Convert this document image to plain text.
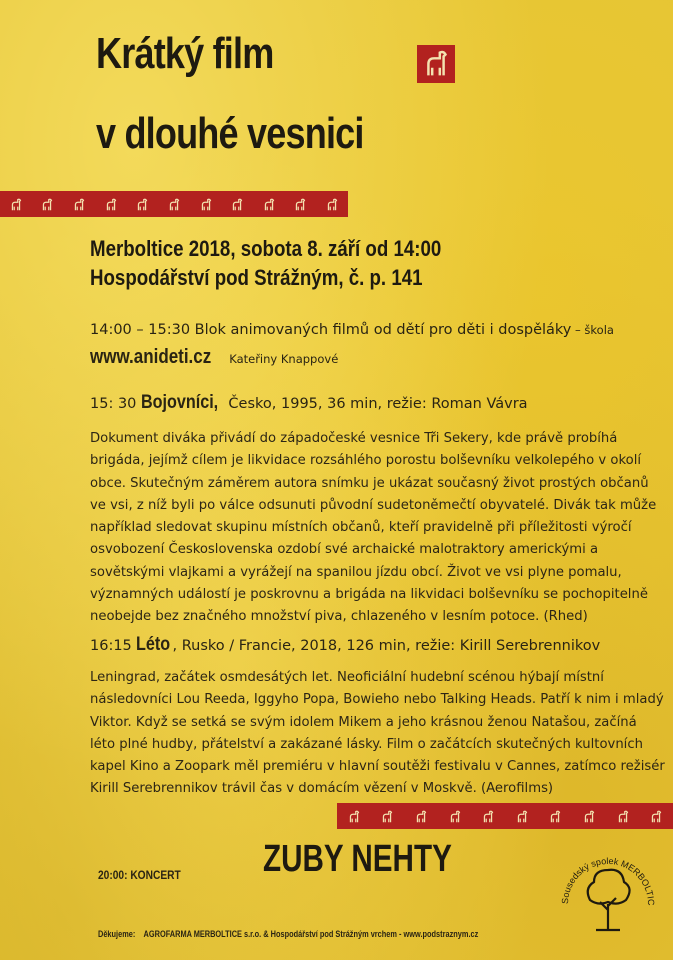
Krátký film
v dlouhé vesnici
Merboltice 2018, sobota 8. září od 14:00
Hospodářství pod Strážným, č. p. 141
14:00 – 15:30 Blok animovaných filmů od dětí pro děti i dospěláky – škola
www.anideti.cz Kateřiny Knappové
15: 30 Bojovníci, Česko, 1995, 36 min, režie: Roman Vávra
Dokument diváka přivádí do západočeské vesnice Tři Sekery, kde právě probíhá brigáda, jejímž cílem je likvidace rozsáhlého porostu bolševníku velkolepého v okolí obce. Skutečným záměrem autora snímku je ukázat současný život prostých občanů ve vsi, z níž byli po válce odsunuti původní sudetoněmečtí obyvatelé. Divák tak může například sledovat skupinu místních občanů, kteří pravidelně při příležitosti výročí osvobození Československa ozdobí své archaické malotraktory americkými a sovětskými vlajkami a vyrážejí na spanilou jízdu obcí. Život ve vsi plyne pomalu, významných událostí je poskrovnu a brigáda na likvidaci bolševníku se pochopitelně neobejde bez značného množství piva, chlazeného v lesním potoce. (Rhed)
16:15 Léto , Rusko / Francie, 2018, 126 min, režie: Kirill Serebrennikov
Leningrad, začátek osmdesátých let. Neoficiální hudební scénou hýbají místní následovníci Lou Reeda, Iggyho Popa, Bowieho nebo Talking Heads. Patří k nim i mladý Viktor. Když se setká se svým idolem Mikem a jeho krásnou ženou Natašou, začíná léto plné hudby, přátelství a zakázané lásky. Film o začátcích skutečných kultovních kapel Kino a Zoopark měl premiéru v hlavní soutěži festivalu v Cannes, zatímco režisér Kirill Serebrennikov trávil čas v domácím vězení v Moskvě. (Aerofilms)
20:00: KONCERT ZUBY NEHTY
Děkujeme: AGROFARMA MERBOLTICE s.r.o. & Hospodářství pod Strážným vrchem - www.podstraznym.cz
Sousedský spolek MERBOLTIC
